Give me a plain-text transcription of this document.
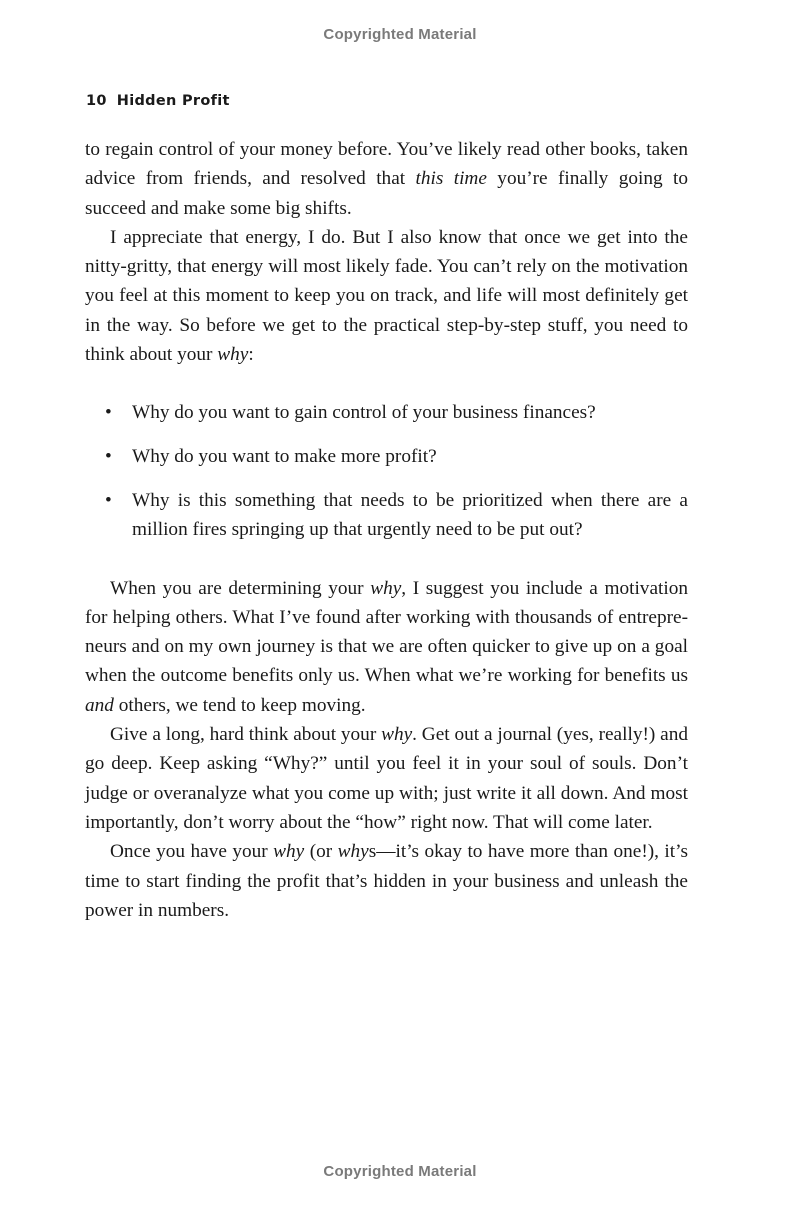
Copyrighted Material
10 Hidden Profit

to regain control of your money before. You’ve likely read other books, taken advice from friends, and resolved that this time you’re finally going to succeed and make some big shifts.

I appreciate that energy, I do. But I also know that once we get into the nitty-gritty, that energy will most likely fade. You can’t rely on the motivation you feel at this moment to keep you on track, and life will most definitely get in the way. So before we get to the practical step-by-step stuff, you need to think about your why:

• Why do you want to gain control of your business finances?
• Why do you want to make more profit?
• Why is this something that needs to be prioritized when there are a million fires springing up that urgently need to be put out?

When you are determining your why, I suggest you include a motivation for helping others. What I’ve found after working with thousands of entrepreneurs and on my own journey is that we are often quicker to give up on a goal when the outcome benefits only us. When what we’re working for benefits us and others, we tend to keep moving.

Give a long, hard think about your why. Get out a journal (yes, really!) and go deep. Keep asking “Why?” until you feel it in your soul of souls. Don’t judge or overanalyze what you come up with; just write it all down. And most importantly, don’t worry about the “how” right now. That will come later.

Once you have your why (or whys—it’s okay to have more than one!), it’s time to start finding the profit that’s hidden in your business and unleash the power in numbers.

Copyrighted Material
